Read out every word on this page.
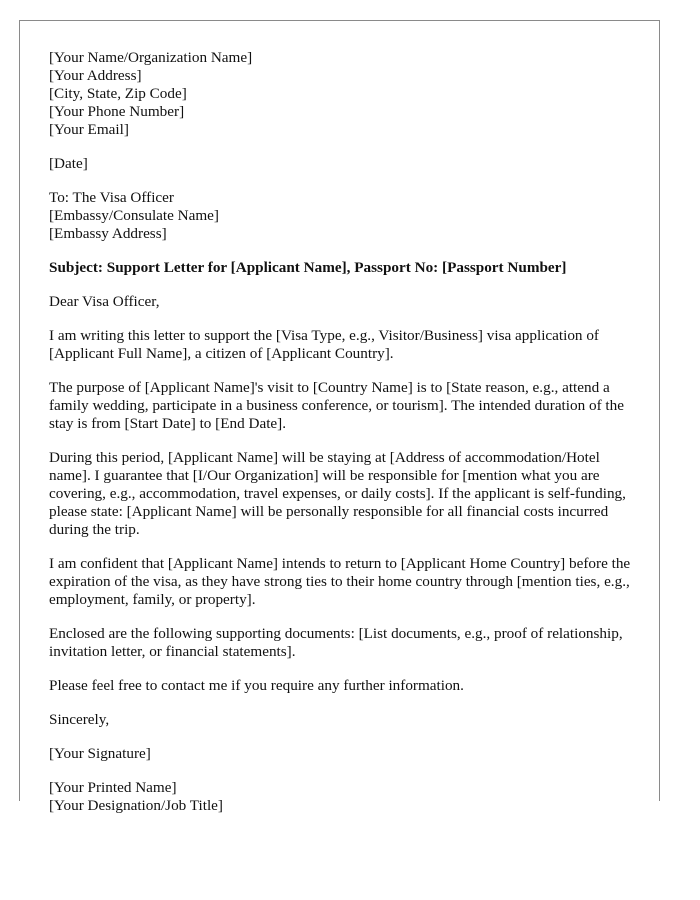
[Your Name/Organization Name]
[Your Address]
[City, State, Zip Code]
[Your Phone Number]
[Your Email]

[Date]

To: The Visa Officer
[Embassy/Consulate Name]
[Embassy Address]

Subject: Support Letter for [Applicant Name], Passport No: [Passport Number]

Dear Visa Officer,

I am writing this letter to support the [Visa Type, e.g., Visitor/Business] visa application of [Applicant Full Name], a citizen of [Applicant Country].

The purpose of [Applicant Name]'s visit to [Country Name] is to [State reason, e.g., attend a family wedding, participate in a business conference, or tourism]. The intended duration of the stay is from [Start Date] to [End Date].

During this period, [Applicant Name] will be staying at [Address of accommodation/Hotel name]. I guarantee that [I/Our Organization] will be responsible for [mention what you are covering, e.g., accommodation, travel expenses, or daily costs]. If the applicant is self-funding, please state: [Applicant Name] will be personally responsible for all financial costs incurred during the trip.

I am confident that [Applicant Name] intends to return to [Applicant Home Country] before the expiration of the visa, as they have strong ties to their home country through [mention ties, e.g., employment, family, or property].

Enclosed are the following supporting documents: [List documents, e.g., proof of relationship, invitation letter, or financial statements].

Please feel free to contact me if you require any further information.

Sincerely,

[Your Signature]

[Your Printed Name]
[Your Designation/Job Title]
